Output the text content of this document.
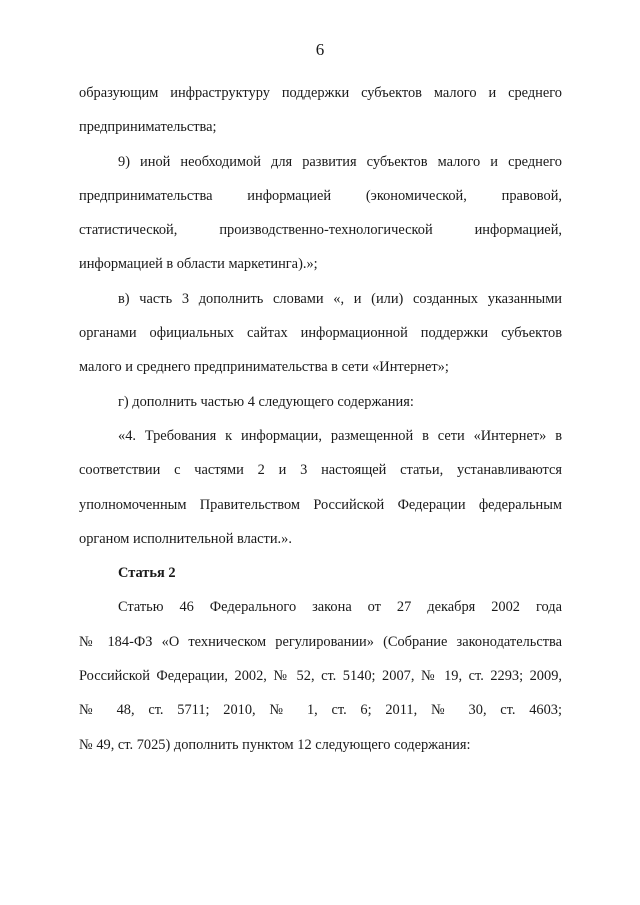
6

образующим инфраструктуру поддержки субъектов малого и среднего
предпринимательства;

9) иной необходимой для развития субъектов малого и среднего
предпринимательства информацией (экономической, правовой,
статистической, производственно-технологической информацией,
информацией в области маркетинга).»;

в) часть 3 дополнить словами «, и (или) созданных указанными
органами официальных сайтах информационной поддержки субъектов
малого и среднего предпринимательства в сети «Интернет»;

г) дополнить частью 4 следующего содержания:

«4. Требования к информации, размещенной в сети «Интернет» в
соответствии с частями 2 и 3 настоящей статьи, устанавливаются
уполномоченным Правительством Российской Федерации федеральным
органом исполнительной власти.».

Статья 2

Статью 46 Федерального закона от 27 декабря 2002 года
№ 184-ФЗ «О техническом регулировании» (Собрание законодательства
Российской Федерации, 2002, № 52, ст. 5140; 2007, № 19, ст. 2293; 2009,
№ 48, ст. 5711; 2010, № 1, ст. 6; 2011, № 30, ст. 4603;
№ 49, ст. 7025) дополнить пунктом 12 следующего содержания:
